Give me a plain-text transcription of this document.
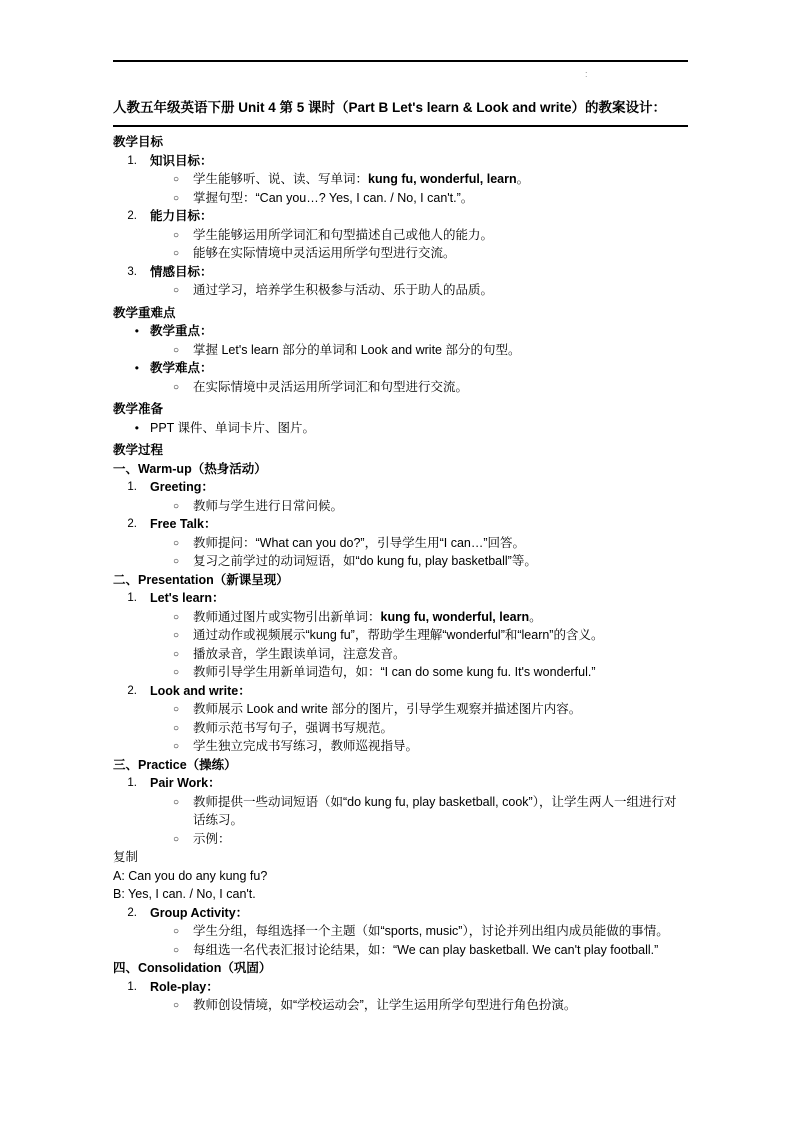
:
人教五年级英语下册 Unit 4 第 5 课时（Part B Let's learn & Look and write）的教案设计：
教学目标
1. 知识目标：
○ 学生能够听、说、读、写单词：kung fu, wonderful, learn。
○ 掌握句型：“Can you…? Yes, I can. / No, I can't.”。
2. 能力目标：
○ 学生能够运用所学词汇和句型描述自己或他人的能力。
○ 能够在实际情境中灵活运用所学句型进行交流。
3. 情感目标：
○ 通过学习，培养学生积极参与活动、乐于助人的品质。
教学重难点
• 教学重点：
○ 掌握 Let's learn 部分的单词和 Look and write 部分的句型。
• 教学难点：
○ 在实际情境中灵活运用所学词汇和句型进行交流。
教学准备
• PPT 课件、单词卡片、图片。
教学过程
一、Warm-up（热身活动）
1. Greeting：
○ 教师与学生进行日常问候。
2. Free Talk：
○ 教师提问：“What can you do?”，引导学生用“I can…”回答。
○ 复习之前学过的动词短语，如“do kung fu, play basketball”等。
二、Presentation（新课呈现）
1. Let's learn：
○ 教师通过图片或实物引出新单词：kung fu, wonderful, learn。
○ 通过动作或视频展示“kung fu”，帮助学生理解“wonderful”和“learn”的含义。
○ 播放录音，学生跟读单词，注意发音。
○ 教师引导学生用新单词造句，如：“I can do some kung fu. It's wonderful.”
2. Look and write：
○ 教师展示 Look and write 部分的图片，引导学生观察并描述图片内容。
○ 教师示范书写句子，强调书写规范。
○ 学生独立完成书写练习，教师巡视指导。
三、Practice（操练）
1. Pair Work：
○ 教师提供一些动词短语（如“do kung fu, play basketball, cook”），让学生两人一组进行对话练习。
○ 示例：
复制
A: Can you do any kung fu?
B: Yes, I can. / No, I can't.
2. Group Activity：
○ 学生分组，每组选择一个主题（如“sports, music”），讨论并列出组内成员能做的事情。
○ 每组选一名代表汇报讨论结果，如：“We can play basketball. We can't play football.”
四、Consolidation（巩固）
1. Role-play：
○ 教师创设情境，如“学校运动会”，让学生运用所学句型进行角色扮演。
